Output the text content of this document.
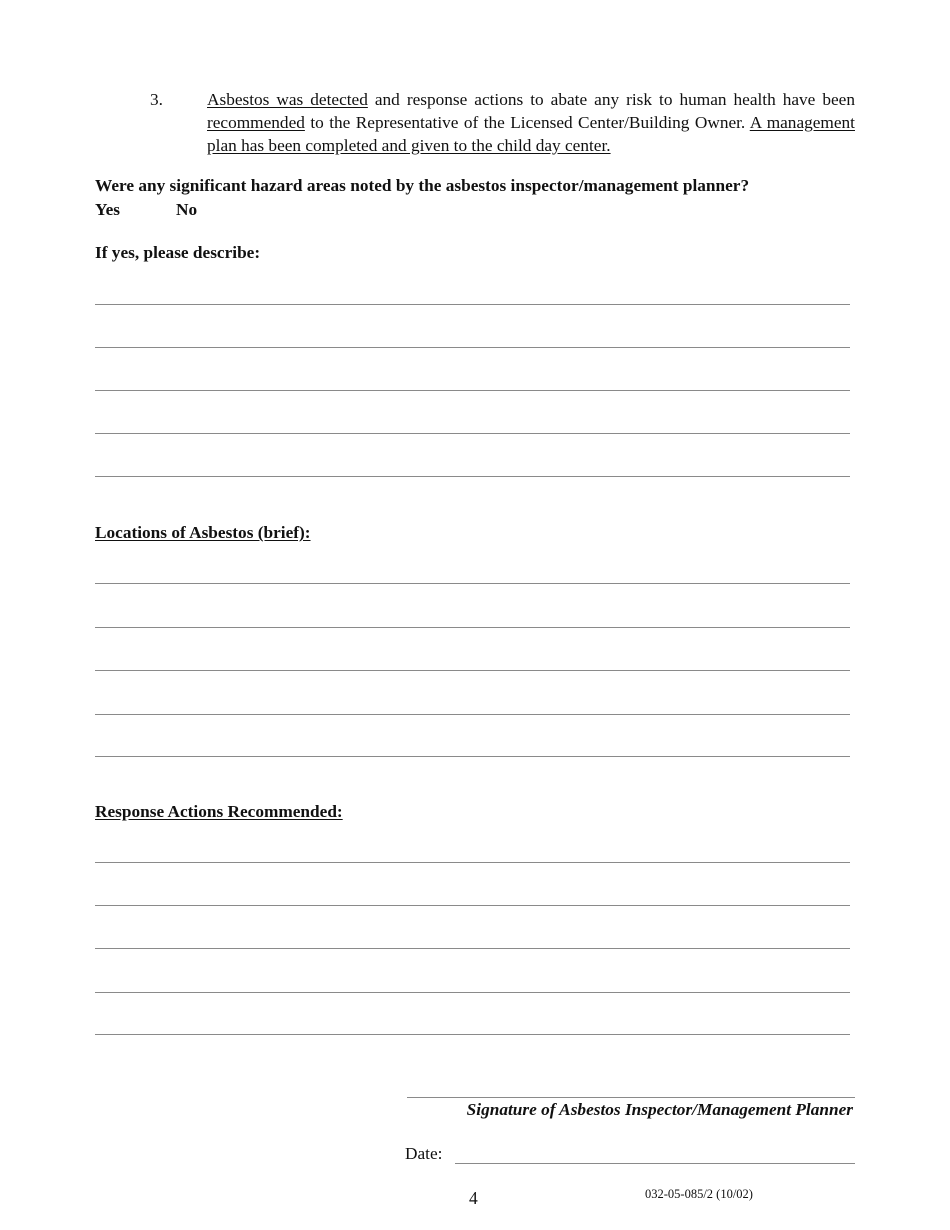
3.	Asbestos was detected and response actions to abate any risk to human health have been recommended to the Representative of the Licensed Center/Building Owner. A management plan has been completed and given to the child day center.
Were any significant hazard areas noted by the asbestos inspector/management planner?
Yes	No
If yes, please describe:
Locations of Asbestos (brief):
Response Actions Recommended:
Signature of Asbestos Inspector/Management Planner
Date:
4	032-05-085/2 (10/02)
